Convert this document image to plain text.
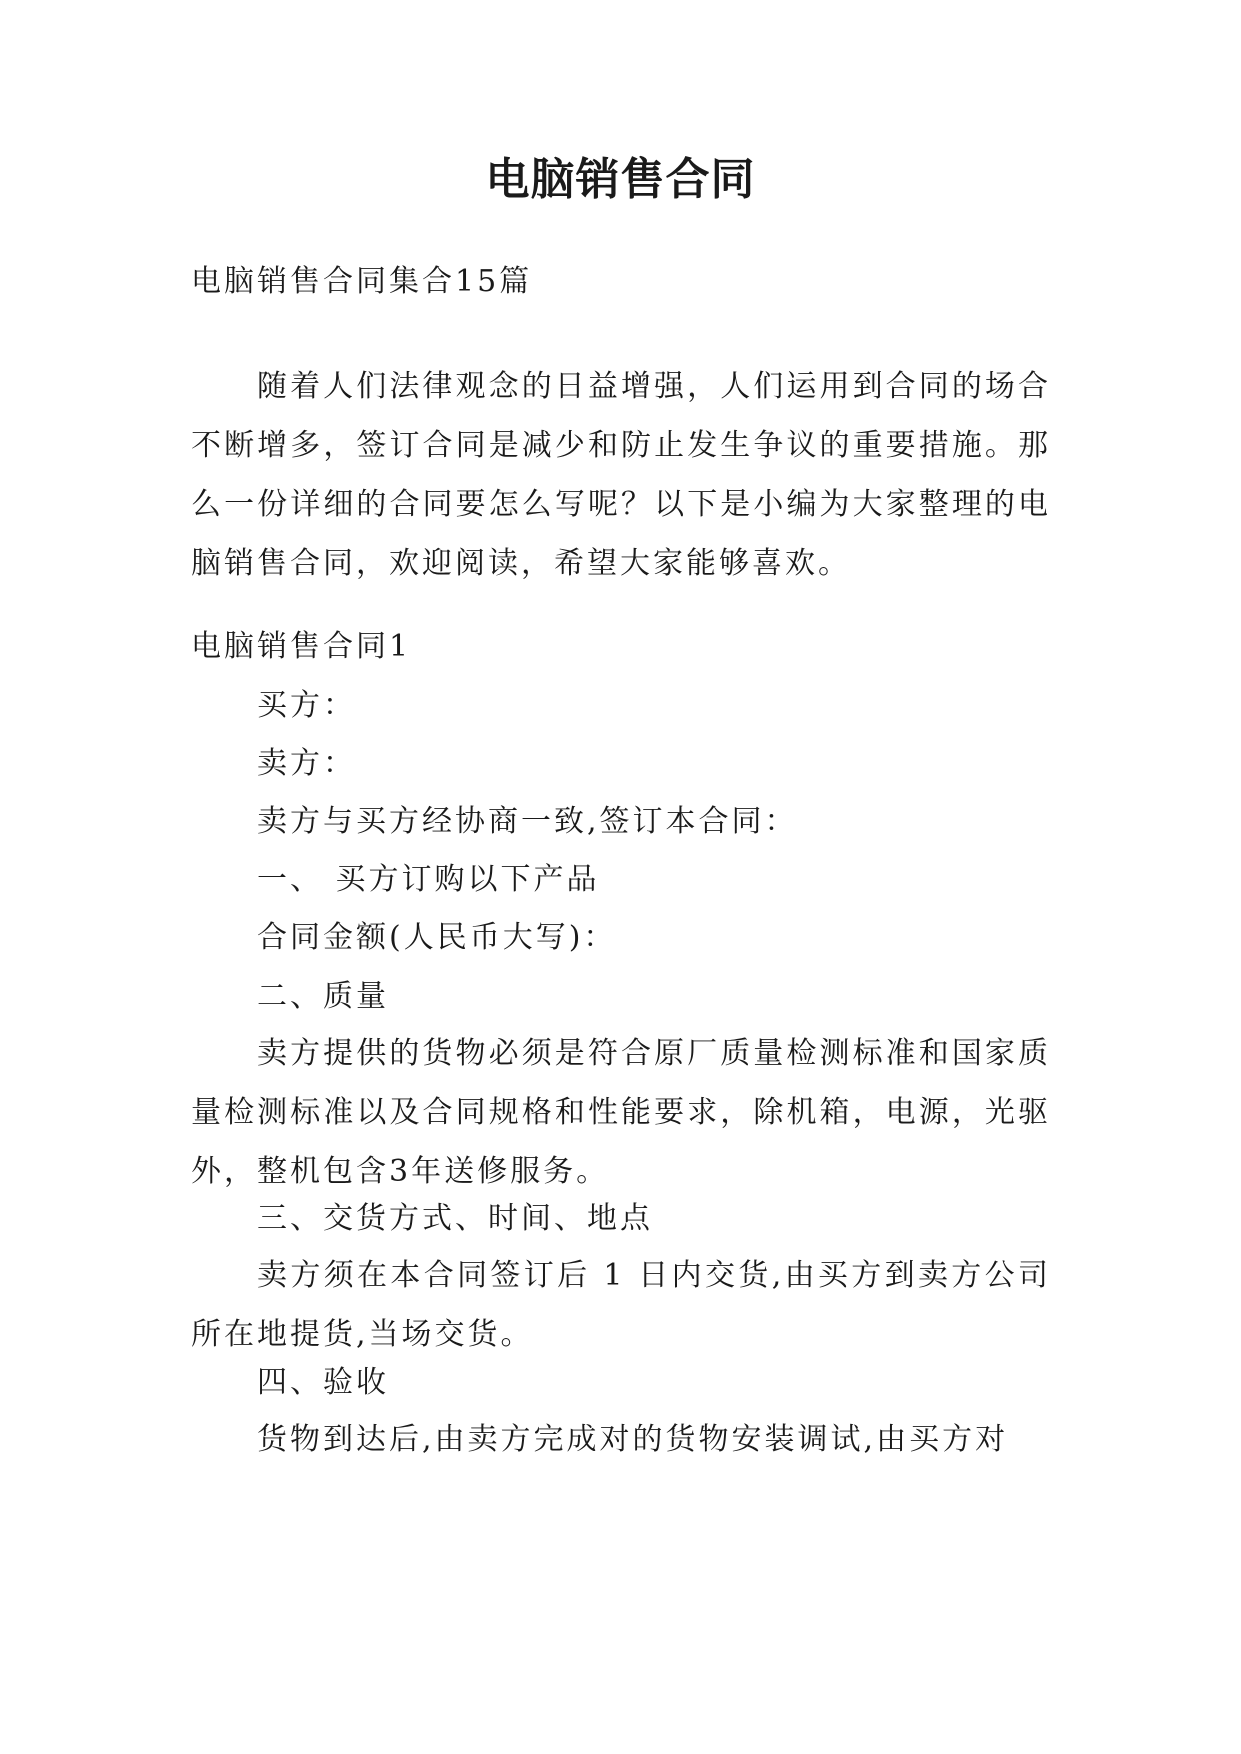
电脑销售合同
电脑销售合同集合15篇

随着人们法律观念的日益增强，人们运用到合同的场合不断增多，签订合同是减少和防止发生争议的重要措施。那么一份详细的合同要怎么写呢？以下是小编为大家整理的电脑销售合同，欢迎阅读，希望大家能够喜欢。

电脑销售合同1
买方：
卖方：
卖方与买方经协商一致,签订本合同：
一、 买方订购以下产品
合同金额(人民币大写)：
二、质量

卖方提供的货物必须是符合原厂质量检测标准和国家质量检测标准以及合同规格和性能要求，除机箱，电源，光驱外，整机包含3年送修服务。

三、交货方式、时间、地点

卖方须在本合同签订后 1 日内交货,由买方到卖方公司所在地提货,当场交货。

四、验收

货物到达后,由卖方完成对的货物安装调试,由买方对
